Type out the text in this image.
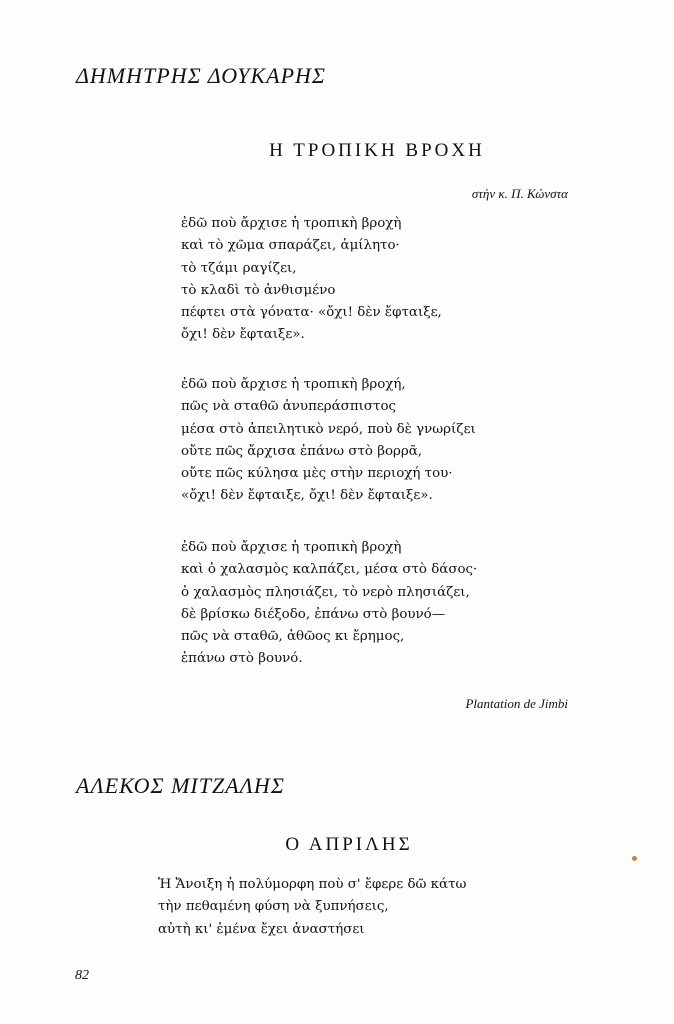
ΔΗΜΗΤΡΗΣ ΔΟΥΚΑΡΗΣ
Η ΤΡΟΠΙΚΗ ΒΡΟΧΗ
στὴν κ. Π. Κώνστα
ἐδῶ ποὺ ἄρχισε ἡ τροπικὴ βροχὴ
καὶ τὸ χῶμα σπαράζει, ἀμίλητο·
τὸ τζάμι ραγίζει,
τὸ κλαδὶ τὸ ἀνθισμένο
πέφτει στὰ γόνατα· «ὄχι! δὲν ἔφταιξε,
ὄχι! δὲν ἔφταιξε».
ἐδῶ ποὺ ἄρχισε ἡ τροπικὴ βροχή,
πῶς νὰ σταθῶ ἀνυπεράσπιστος
μέσα στὸ ἀπειλητικὸ νερό, ποὺ δὲ γνωρίζει
οὔτε πῶς ἄρχισα ἐπάνω στὸ βορρᾶ,
οὔτε πῶς κύλησα μὲς στὴν περιοχή του·
«ὄχι! δὲν ἔφταιξε, ὄχι! δὲν ἔφταιξε».
ἐδῶ ποὺ ἄρχισε ἡ τροπικὴ βροχὴ
καὶ ὁ χαλασμὸς καλπάζει, μέσα στὸ δάσος·
ὁ χαλασμὸς πλησιάζει, τὸ νερὸ πλησιάζει,
δὲ βρίσκω διέξοδο, ἐπάνω στὸ βουνό—
πῶς νὰ σταθῶ, ἀθῶος κι ἔρημος,
ἐπάνω στὸ βουνό.
Plantation de Jimbi
ΑΛΕΚΟΣ ΜΙΤΖΑΛΗΣ
Ο ΑΠΡΙΛΗΣ
Ἡ Ἄνοιξη ἡ πολύμορφη ποὺ σ' ἔφερε δῶ κάτω
τὴν πεθαμένη φύση νὰ ξυπνήσεις,
αὐτὴ κι' ἐμένα ἔχει ἀναστήσει
82
